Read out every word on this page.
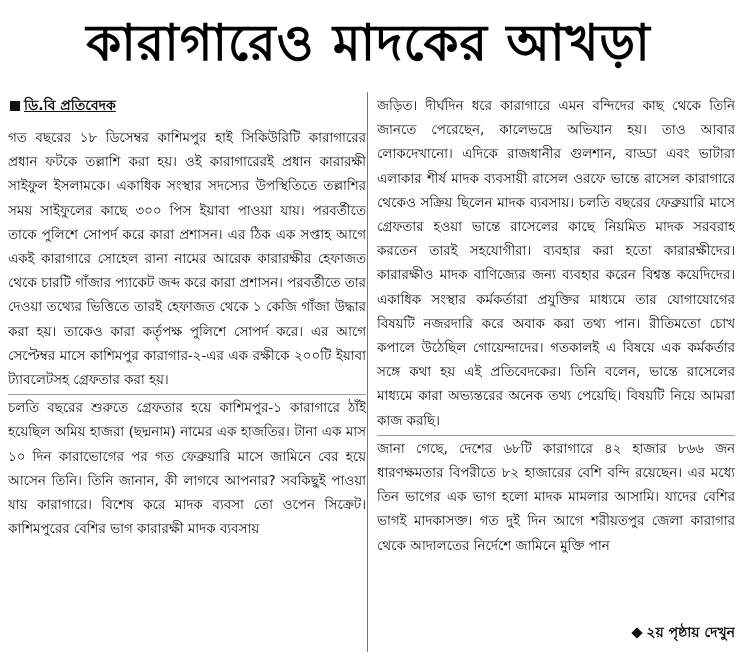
কারাগারেও মাদকের আখড়া
ডি.বি প্রতিবেদক

গত বছরের ১৮ ডিসেম্বর কাশিমপুর হাই সিকিউরিটি কারাগারের প্রধান ফটকে তল্লাশি করা হয়। ওই কারাগারেরই প্রধান কারারক্ষী সাইফুল ইসলামকে। একাধিক সংস্থার সদস্যের উপস্থিতিতে তল্লাশির সময় সাইফুলের কাছে ৩০০ পিস ইয়াবা পাওয়া যায়। পরবর্তীতে তাকে পুলিশে সোপর্দ করে কারা প্রশাসন। এর ঠিক এক সপ্তাহ আগে একই কারাগারে সোহেল রানা নামের আরেক কারারক্ষীর হেফাজত থেকে চারটি গাঁজার প্যাকেট জব্দ করে কারা প্রশাসন। পরবর্তীতে তার দেওয়া তথ্যের ভিত্তিতে তারই হেফাজত থেকে ১ কেজি গাঁজা উদ্ধার করা হয়। তাকেও কারা কর্তৃপক্ষ পুলিশে সোপর্দ করে। এর আগে সেপ্টেম্বর মাসে কাশিমপুর কারাগার-২-এর এক রক্ষীকে ২০০টি ইয়াবা ট্যাবলেটসহ গ্রেফতার করা হয়।

চলতি বছরের শুরুতে গ্রেফতার হয়ে কাশিমপুর-১ কারাগারে ঠাঁই হয়েছিল অমিয় হাজরা (ছদ্মনাম) নামের এক হাজতির। টানা এক মাস ১০ দিন কারাভোগের পর গত ফেব্রুয়ারি মাসে জামিনে বের হয়ে আসেন তিনি। তিনি জানান, কী লাগবে আপনার? সবকিছুই পাওয়া যায় কারাগারে। বিশেষ করে মাদক ব্যবসা তো ওপেন সিক্রেট। কাশিমপুরের বেশির ভাগ কারারক্ষী মাদক ব্যবসায়

জড়িত। দীর্ঘদিন ধরে কারাগারে এমন বন্দিদের কাছ থেকে তিনি জানতে পেরেছেন, কালেভদ্রে অভিযান হয়। তাও আবার লোকদেখানো। এদিকে রাজধানীর গুলশান, বাড্ডা এবং ভাটারা এলাকার শীর্ষ মাদক ব্যবসায়ী রাসেল ওরফে ভান্তে রাসেল কারাগারে থেকেও সক্রিয় ছিলেন মাদক ব্যবসায়। চলতি বছরের ফেব্রুয়ারি মাসে গ্রেফতার হওয়া ভান্তে রাসেলের কাছে নিয়মিত মাদক সরবরাহ করতেন তারই সহযোগীরা। ব্যবহার করা হতো কারারক্ষীদের। কারারক্ষীও মাদক বাণিজ্যের জন্য ব্যবহার করেন বিশ্বস্ত কয়েদিদের। একাধিক সংস্থার কর্মকর্তারা প্রযুক্তির মাধ্যমে তার যোগাযোগের বিষয়টি নজরদারি করে অবাক করা তথ্য পান। রীতিমতো চোখ কপালে উঠেছিল গোয়েন্দাদের। গতকালই এ বিষয়ে এক কর্মকর্তার সঙ্গে কথা হয় এই প্রতিবেদকের। তিনি বলেন, ভান্তে রাসেলের মাধ্যমে কারা অভ্যন্তরের অনেক তথ্য পেয়েছি। বিষয়টি নিয়ে আমরা কাজ করছি।

জানা গেছে, দেশের ৬৮টি কারাগারে ৪২ হাজার ৮৬৬ জন ধারণক্ষমতার বিপরীতে ৮২ হাজারের বেশি বন্দি রয়েছেন। এর মধ্যে তিন ভাগের এক ভাগ হলো মাদক মামলার আসামি। যাদের বেশির ভাগই মাদকাসক্ত। গত দুই দিন আগে শরীয়তপুর জেলা কারাগার থেকে আদালতের নির্দেশে জামিনে মুক্তি পান

২য় পৃষ্ঠায় দেখুন
